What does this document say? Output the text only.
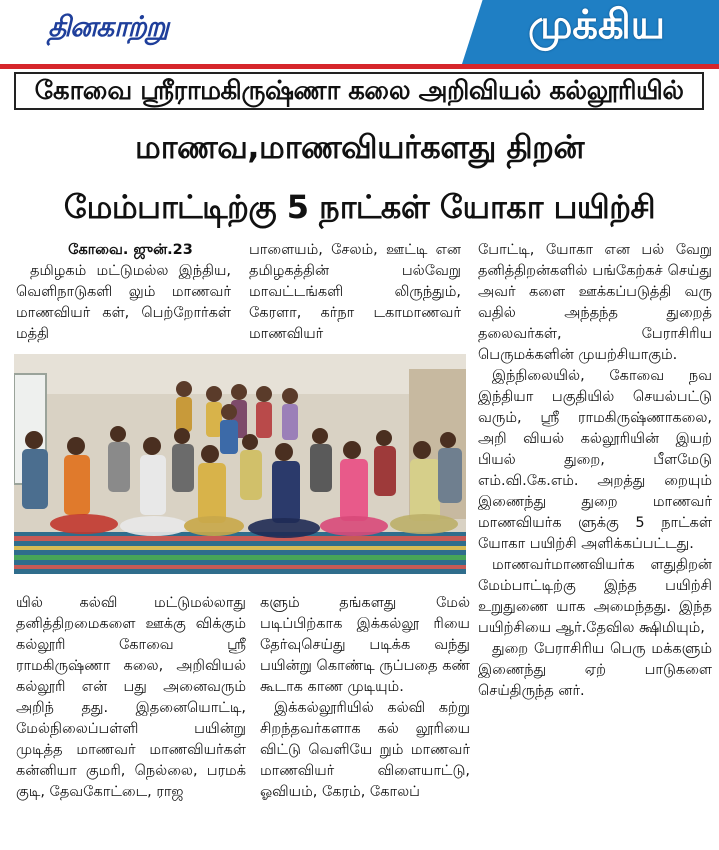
தினகாற்று	முக்கிய
கோவை ஸ்ரீராமகிருஷ்ணா கலை அறிவியல் கல்லூரியில்
மாணவ,மாணவியர்களது திறன்
மேம்பாட்டிற்கு 5 நாட்கள் யோகா பயிற்சி

கோவை. ஜுன்.23

தமிழகம் மட்டுமல்ல இந்திய, வெளிநாடுகளி லும் மாணவர் மாணவியர் கள், பெற்றோர்கள் மத்தி

பாளையம், சேலம், ஊட்டி என தமிழகத்தின் பல்வேறு மாவட்டங்களி லிருந்தும், கேரளா, கர்நா டகாமாணவர் மாணவியர்

போட்டி, யோகா என பல் வேறு தனித்திறன்களில் பங்கேற்கச் செய்து அவர் களை ஊக்கப்படுத்தி வரு வதில் அந்தந்த துறைத் தலைவர்கள், பேராசிரிய பெருமக்களின் முயற்சியாகும்.

இந்நிலையில், கோவை நவ இந்தியா பகுதியில் செயல்பட்டு வரும், ஸ்ரீ ராமகிருஷ்ணாகலை, அறி வியல் கல்லூரியின் இயற் பியல் துறை, பீளமேடு எம்.வி.கே.எம். அறத்து றையும் இணைந்து துறை மாணவர் மாணவியர்க ளுக்கு 5 நாட்கள் யோகா பயிற்சி அளிக்கப்பட்டது.

மாணவர்மாணவியர்க ளதுதிறன் மேம்பாட்டிற்கு இந்த பயிற்சி உறுதுணை யாக அமைந்தது. இந்த பயிற்சியை ஆர்.தேவில க்ஷிமியும்,

துறை பேராசிரிய பெரு மக்களும் இணைந்து ஏற் பாடுகளை செய்திருந்த னர்.

யில் கல்வி மட்டுமல்லாது தனித்திறமைகளை ஊக்கு விக்கும் கல்லூரி கோவை ஸ்ரீ ராமகிருஷ்ணா கலை, அறிவியல் கல்லூரி என் பது அனைவரும் அறிந் தது. இதனையொட்டி, மேல்நிலைப்பள்ளி பயின்று முடித்த மாணவர் மாணவியர்கள் கன்னியா குமரி, நெல்லை, பரமக் குடி, தேவகோட்டை, ராஜ

களும் தங்களது மேல் படிப்பிற்காக இக்கல்லூ ரியை தேர்வுசெய்து படிக்க வந்து பயின்று கொண்டி ருப்பதை கண் கூடாக காண முடியும்.

இக்கல்லூரியில் கல்வி கற்று சிறந்தவர்களாக கல் லூரியை விட்டு வெளியே றும் மாணவர் மாணவியர் விளையாட்டு, ஓவியம், கேரம், கோலப்
